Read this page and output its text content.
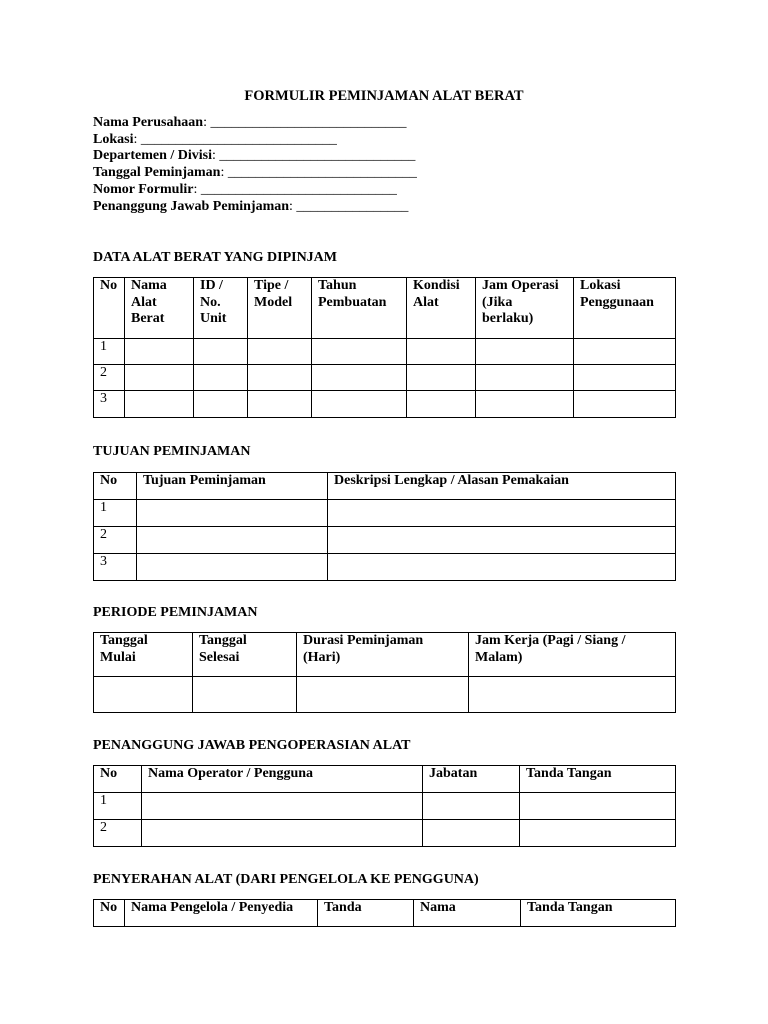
FORMULIR PEMINJAMAN ALAT BERAT
Nama Perusahaan: ____________________________
Lokasi: ____________________________
Departemen / Divisi: ____________________________
Tanggal Peminjaman: ___________________________
Nomor Formulir: ____________________________
Penanggung Jawab Peminjaman: ________________
DATA ALAT BERAT YANG DIPINJAM
No	Nama Alat Berat	ID / No. Unit	Tipe / Model	Tahun Pembuatan	Kondisi Alat	Jam Operasi (Jika berlaku)	Lokasi Penggunaan
1							
2							
3							
TUJUAN PEMINJAMAN
No	Tujuan Peminjaman	Deskripsi Lengkap / Alasan Pemakaian
1		
2		
3		
PERIODE PEMINJAMAN
Tanggal Mulai	Tanggal Selesai	Durasi Peminjaman (Hari)	Jam Kerja (Pagi / Siang / Malam)

PENANGGUNG JAWAB PENGOPERASIAN ALAT
No	Nama Operator / Pengguna	Jabatan	Tanda Tangan
1			
2			
PENYERAHAN ALAT (DARI PENGELOLA KE PENGGUNA)
No	Nama Pengelola / Penyedia	Tanda	Nama	Tanda Tangan
